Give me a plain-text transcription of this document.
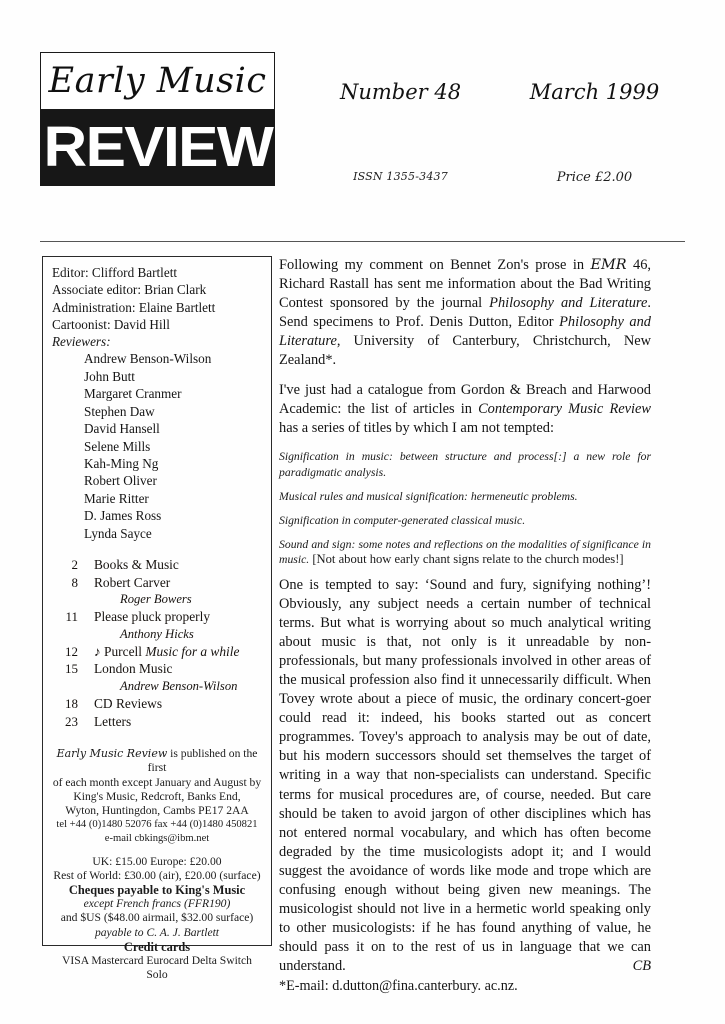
Early Music
REVIEW
Number 48	March 1999
ISSN 1355-3437	Price £2.00
Editor: Clifford Bartlett
Associate editor: Brian Clark
Administration: Elaine Bartlett
Cartoonist: David Hill
Reviewers:
Andrew Benson-Wilson
John Butt
Margaret Cranmer
Stephen Daw
David Hansell
Selene Mills
Kah-Ming Ng
Robert Oliver
Marie Ritter
D. James Ross
Lynda Sayce
2	Books & Music
8	Robert Carver
Roger Bowers
11	Please pluck properly
Anthony Hicks
12	♪ Purcell Music for a while
15	London Music
Andrew Benson-Wilson
18	CD Reviews
23	Letters
Early Music Review is published on the first
of each month except January and August by
King's Music, Redcroft, Banks End,
Wyton, Huntingdon, Cambs PE17 2AA
tel +44 (0)1480 52076 fax +44 (0)1480 450821
e-mail cbkings@ibm.net
UK: £15.00 Europe: £20.00
Rest of World: £30.00 (air), £20.00 (surface)
Cheques payable to King's Music
except French francs (FFR190)
and $US ($48.00 airmail, $32.00 surface)
payable to C. A. J. Bartlett
Credit cards
VISA Mastercard Eurocard Delta Switch Solo

Following my comment on Bennet Zon's prose in EMR 46, Richard Rastall has sent me information about the Bad Writing Contest sponsored by the journal Philosophy and Literature. Send specimens to Prof. Denis Dutton, Editor Philosophy and Literature, University of Canterbury, Christchurch, New Zealand*.

I've just had a catalogue from Gordon & Breach and Harwood Academic: the list of articles in Contemporary Music Review has a series of titles by which I am not tempted:

Signification in music: between structure and process[:] a new role for paradigmatic analysis.

Musical rules and musical signification: hermeneutic problems.

Signification in computer-generated classical music.

Sound and sign: some notes and reflections on the modalities of significance in music. [Not about how early chant signs relate to the church modes!]

One is tempted to say: ‘Sound and fury, signifying nothing’! Obviously, any subject needs a certain number of technical terms. But what is worrying about so much analytical writing about music is that, not only is it unreadable by non-professionals, but many professionals involved in other areas of the musical profession also find it unnecessarily difficult. When Tovey wrote about a piece of music, the ordinary concert-goer could read it: indeed, his books started out as concert programmes. Tovey's approach to analysis may be out of date, but his modern successors should set themselves the target of writing in a way that non-specialists can understand. Specific terms for musical procedures are, of course, needed. But care should be taken to avoid jargon of other disciplines which has not entered normal vocabulary, and which has often become degraded by the time musicologists adopt it; and I would suggest the avoidance of words like mode and trope which are confusing enough without being given new meanings. The musicologist should not live in a hermetic world speaking only to other musicologists: if he has found anything of value, he should pass it on to the rest of us in language that we can understand.	CB

*E-mail: d.dutton@fina.canterbury. ac.nz.
